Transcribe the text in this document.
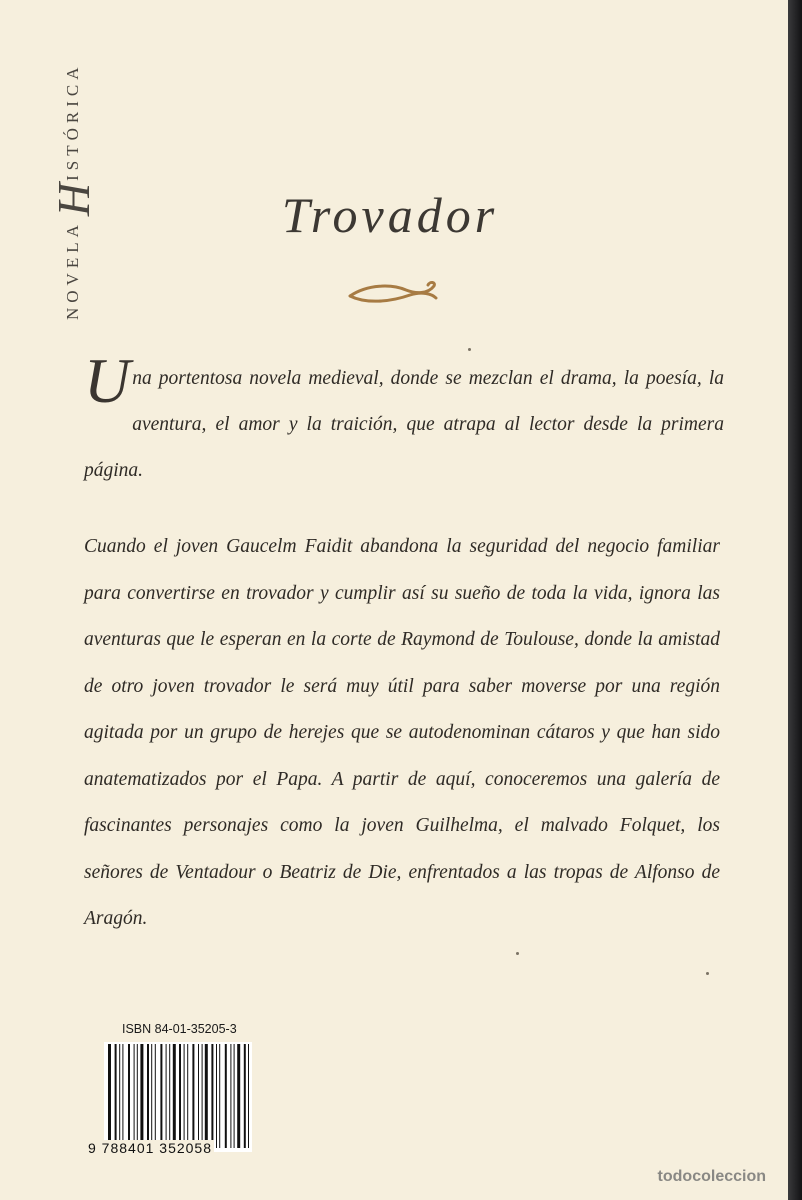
NOVELA
H
ISTÓRICA
Trovador
U na portentosa novela medieval, donde se mezclan el drama, la poesía, la aventura, el amor y la traición, que atrapa al lector desde la primera página.

Cuando el joven Gaucelm Faidit abandona la seguridad del negocio familiar para convertirse en trovador y cumplir así su sueño de toda la vida, ignora las aventuras que le esperan en la corte de Raymond de Toulouse, donde la amistad de otro joven trovador le será muy útil para saber moverse por una región agitada por un grupo de herejes que se autodenominan cátaros y que han sido anatematizados por el Papa. A partir de aquí, conoceremos una galería de fascinantes personajes como la joven Guilhelma, el malvado Folquet, los señores de Ventadour o Beatriz de Die, enfrentados a las tropas de Alfonso de Aragón.

ISBN 84-01-35205-3
9 788401 352058
todocoleccion
